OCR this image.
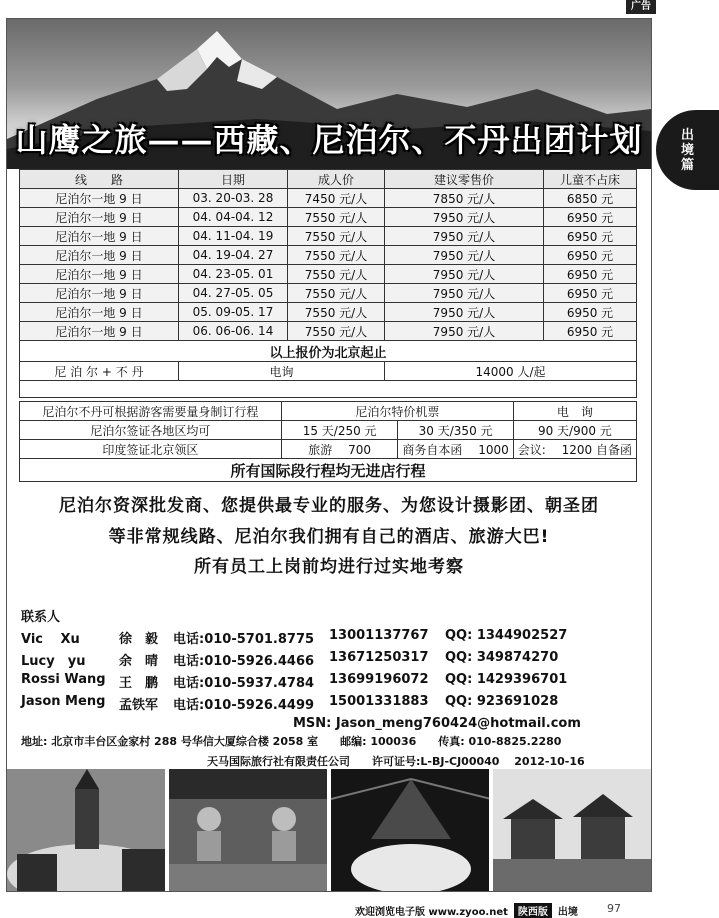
广告
出
境
篇
山鹰之旅——西藏、尼泊尔、不丹出团计划
线　　路	日期	成人价	建议零售价	儿童不占床
尼泊尔一地 9 日	03. 20-03. 28	7450 元/人	7850 元/人	6850 元
尼泊尔一地 9 日	04. 04-04. 12	7550 元/人	7950 元/人	6950 元
尼泊尔一地 9 日	04. 11-04. 19	7550 元/人	7950 元/人	6950 元
尼泊尔一地 9 日	04. 19-04. 27	7550 元/人	7950 元/人	6950 元
尼泊尔一地 9 日	04. 23-05. 01	7550 元/人	7950 元/人	6950 元
尼泊尔一地 9 日	04. 27-05. 05	7550 元/人	7950 元/人	6950 元
尼泊尔一地 9 日	05. 09-05. 17	7550 元/人	7950 元/人	6950 元
尼泊尔一地 9 日	06. 06-06. 14	7550 元/人	7950 元/人	6950 元
以上报价为北京起止				
尼 泊 尔 + 不 丹	电询		14000 人/起	

尼泊尔不丹可根据游客需要量身制订行程	尼泊尔特价机票		电　询
尼泊尔签证各地区均可	15 天/250 元	30 天/350 元	90 天/900 元
印度签证北京领区	旅游　 700	商务自本函　 1000	会议:　 1200 自备函
所有国际段行程均无进店行程			
尼泊尔资深批发商、您提供最专业的服务、为您设计摄影团、朝圣团
等非常规线路、尼泊尔我们拥有自己的酒店、旅游大巴!
所有员工上岗前均进行过实地考察
联系人
Vic　 Xu	徐　毅 电话:010-5701.8775 13001137767 QQ: 1344902527
Lucy　yu	余　晴 电话:010-5926.4466 13671250317 QQ: 349874270
Rossi Wang 王　鹏 电话:010-5937.4784 13699196072 QQ: 1429396701
Jason Meng 孟铁军 电话:010-5926.4499 15001331883 QQ: 923691028
MSN: Jason_meng760424@hotmail.com
地址: 北京市丰台区金家村 288 号华信大厦综合楼 2058 室　　邮编: 100036　　传真: 010-8825.2280
天马国际旅行社有限责任公司　　许可证号:L-BJ-CJ00040　 2012-10-16
欢迎浏览电子版 www.zyoo.net	陕西版	出境	97
